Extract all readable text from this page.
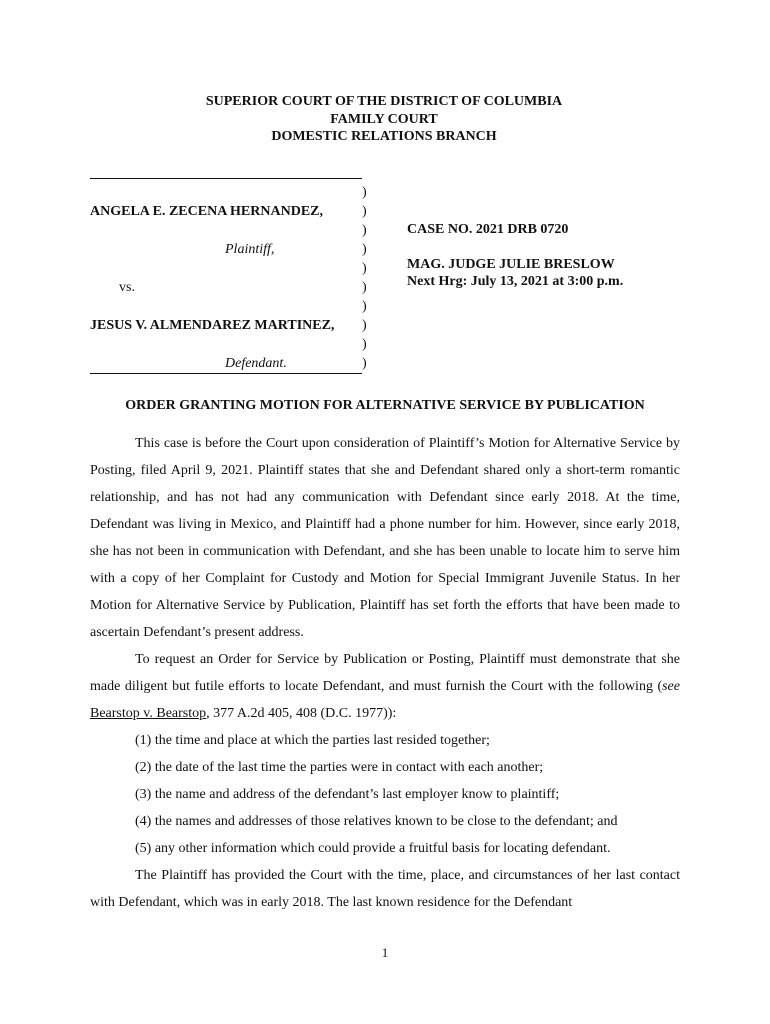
SUPERIOR COURT OF THE DISTRICT OF COLUMBIA
FAMILY COURT
DOMESTIC RELATIONS BRANCH
)
)
)
)
)
)
)
)
)
)
ANGELA E. ZECENA HERNANDEZ,
Plaintiff,
vs.
JESUS V. ALMENDAREZ MARTINEZ,
Defendant.
CASE NO. 2021 DRB 0720
MAG. JUDGE JULIE BRESLOW
Next Hrg: July 13, 2021 at 3:00 p.m.
ORDER GRANTING MOTION FOR ALTERNATIVE SERVICE BY PUBLICATION

This case is before the Court upon consideration of Plaintiff’s Motion for Alternative Service by Posting, filed April 9, 2021. Plaintiff states that she and Defendant shared only a short-term romantic relationship, and has not had any communication with Defendant since early 2018. At the time, Defendant was living in Mexico, and Plaintiff had a phone number for him. However, since early 2018, she has not been in communication with Defendant, and she has been unable to locate him to serve him with a copy of her Complaint for Custody and Motion for Special Immigrant Juvenile Status. In her Motion for Alternative Service by Publication, Plaintiff has set forth the efforts that have been made to ascertain Defendant’s present address.

To request an Order for Service by Publication or Posting, Plaintiff must demonstrate that she made diligent but futile efforts to locate Defendant, and must furnish the Court with the following (see Bearstop v. Bearstop, 377 A.2d 405, 408 (D.C. 1977)):

(1) the time and place at which the parties last resided together;
(2) the date of the last time the parties were in contact with each another;
(3) the name and address of the defendant’s last employer know to plaintiff;
(4) the names and addresses of those relatives known to be close to the defendant; and
(5) any other information which could provide a fruitful basis for locating defendant.

The Plaintiff has provided the Court with the time, place, and circumstances of her last contact with Defendant, which was in early 2018. The last known residence for the Defendant

1
